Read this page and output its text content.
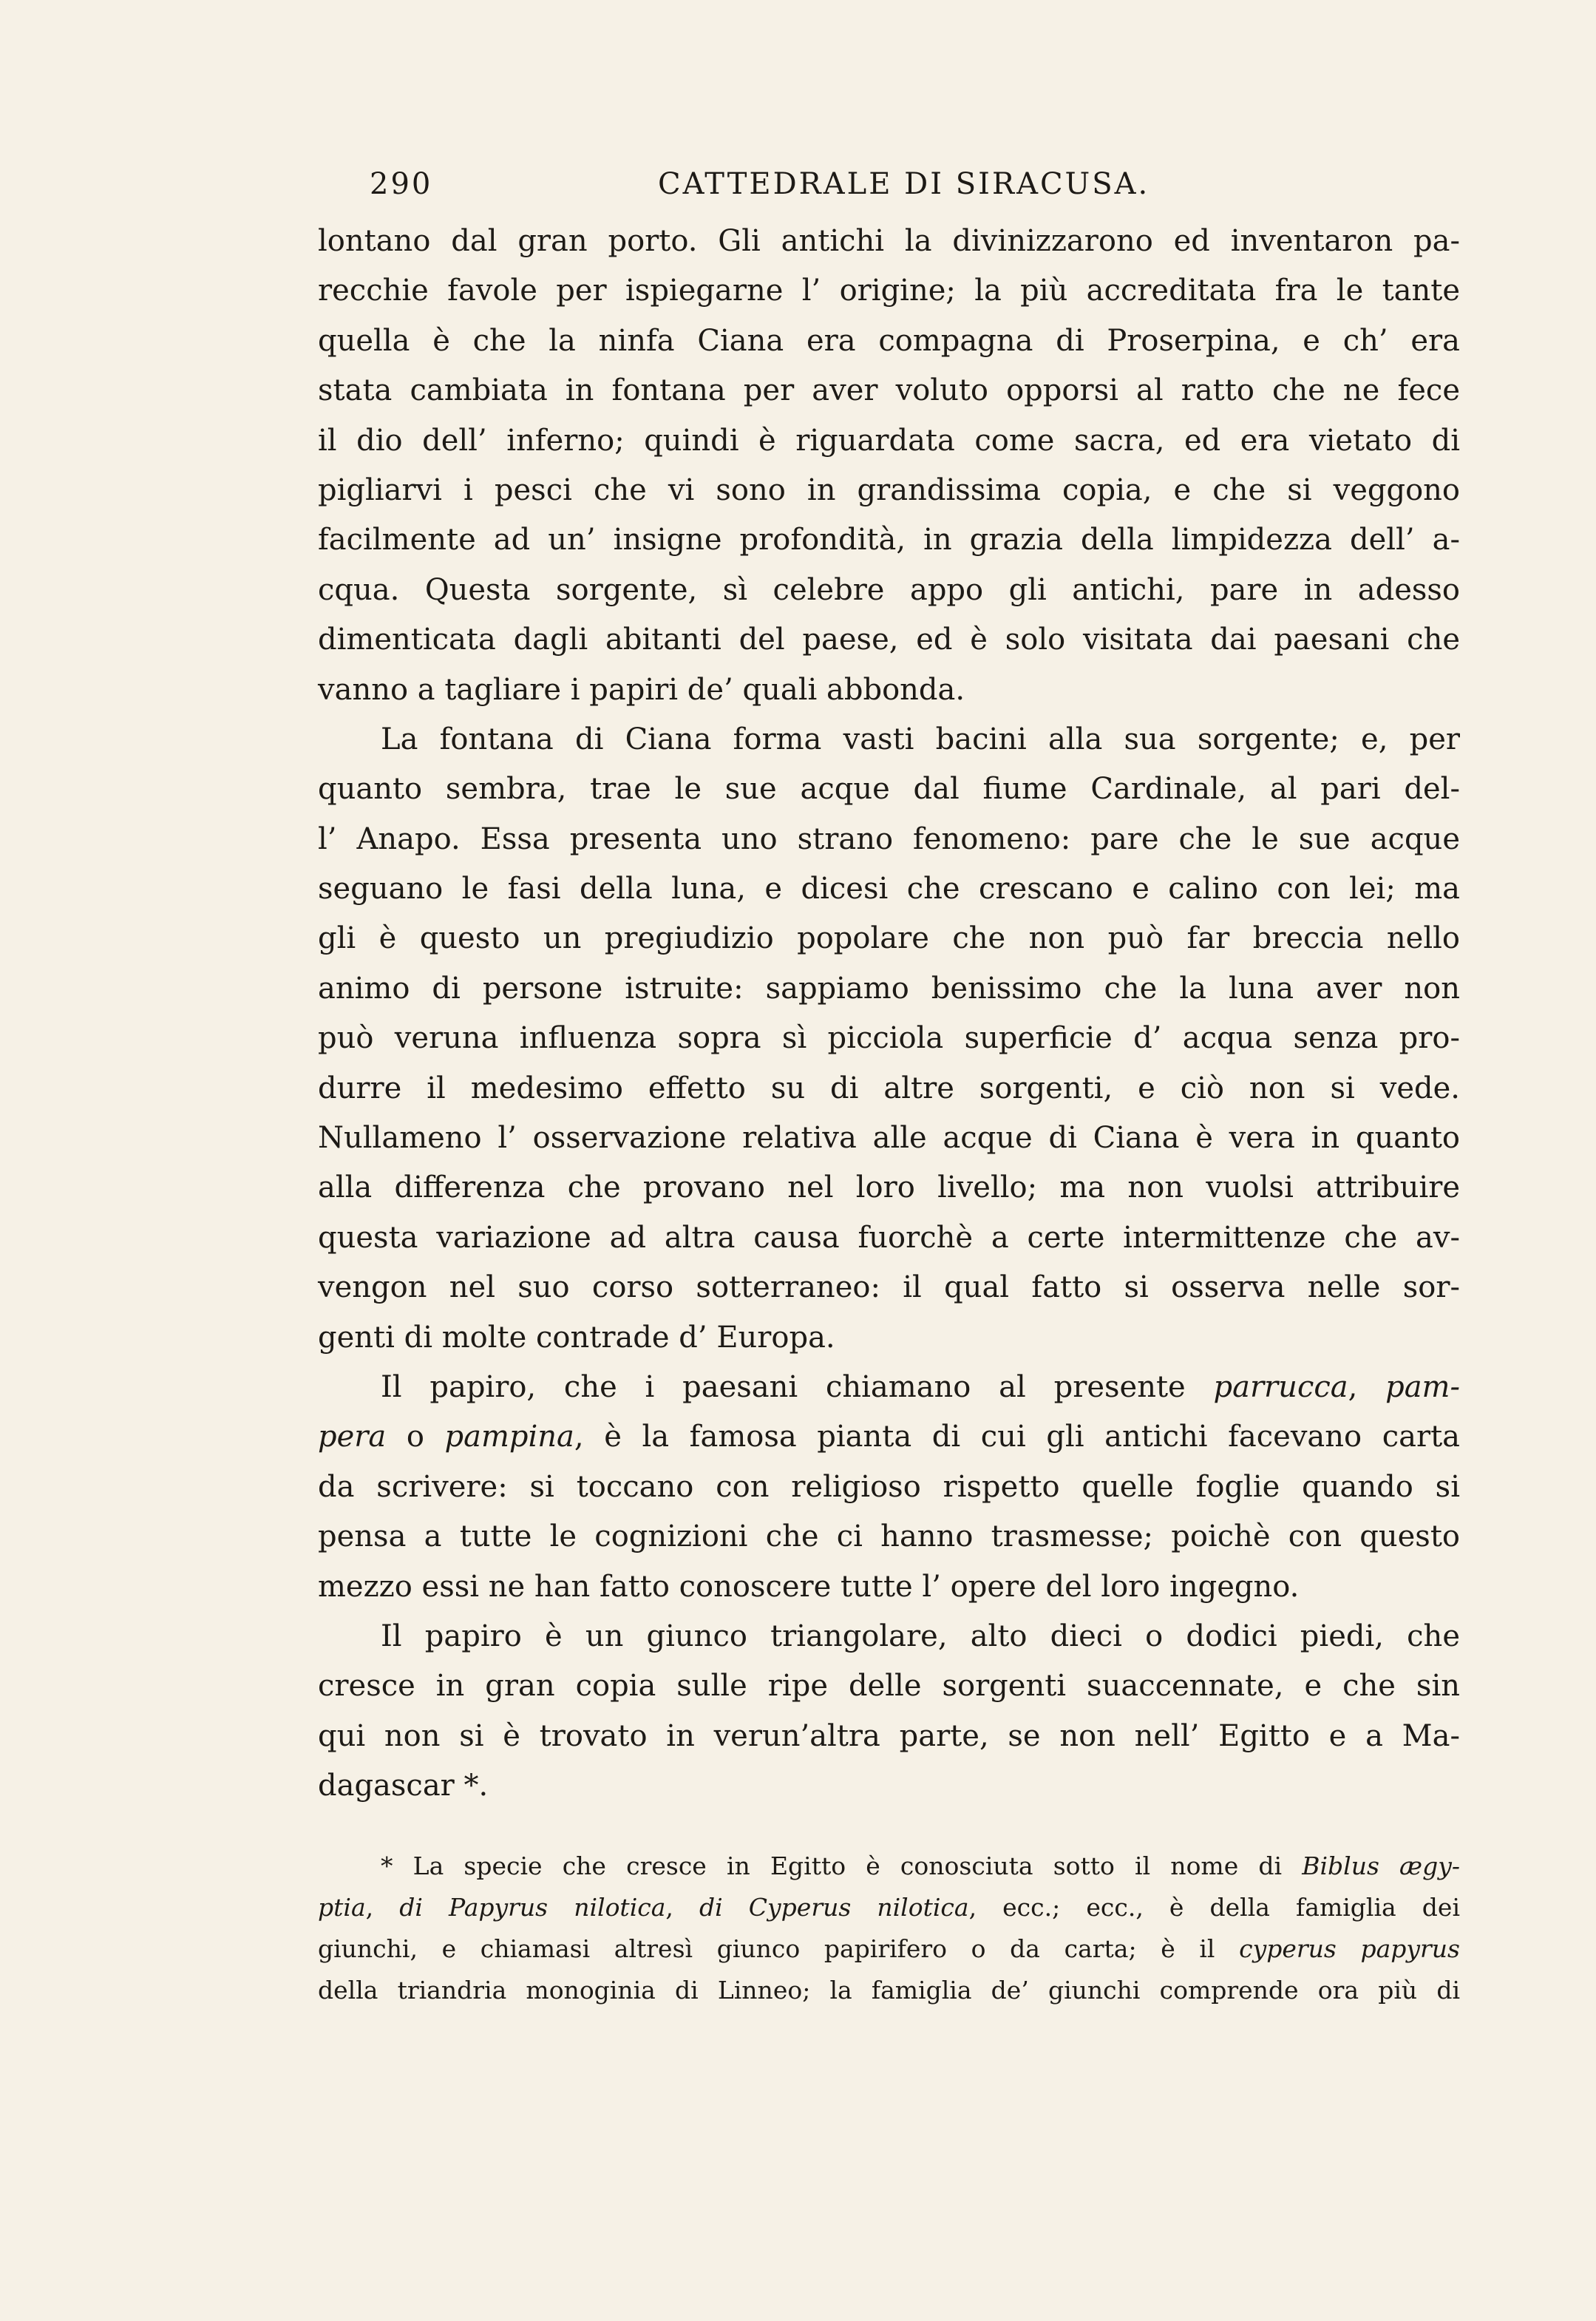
290	CATTEDRALE DI SIRACUSA.
lontano dal gran porto. Gli antichi la divinizzarono ed inventaron pa-
recchie favole per ispiegarne l’ origine; la più accreditata fra le tante
quella è che la ninfa Ciana era compagna di Proserpina, e ch’ era
stata cambiata in fontana per aver voluto opporsi al ratto che ne fece
il dio dell’ inferno; quindi è riguardata come sacra, ed era vietato di
pigliarvi i pesci che vi sono in grandissima copia, e che si veggono
facilmente ad un’ insigne profondità, in grazia della limpidezza dell’ a-
cqua. Questa sorgente, sì celebre appo gli antichi, pare in adesso
dimenticata dagli abitanti del paese, ed è solo visitata dai paesani che
vanno a tagliare i papiri de’ quali abbonda.
La fontana di Ciana forma vasti bacini alla sua sorgente; e, per
quanto sembra, trae le sue acque dal fiume Cardinale, al pari del-
l’ Anapo. Essa presenta uno strano fenomeno: pare che le sue acque
seguano le fasi della luna, e dicesi che crescano e calino con lei; ma
gli è questo un pregiudizio popolare che non può far breccia nello
animo di persone istruite: sappiamo benissimo che la luna aver non
può veruna influenza sopra sì picciola superficie d’ acqua senza pro-
durre il medesimo effetto su di altre sorgenti, e ciò non si vede.
Nullameno l’ osservazione relativa alle acque di Ciana è vera in quanto
alla differenza che provano nel loro livello; ma non vuolsi attribuire
questa variazione ad altra causa fuorchè a certe intermittenze che av-
vengon nel suo corso sotterraneo: il qual fatto si osserva nelle sor-
genti di molte contrade d’ Europa.
Il papiro, che i paesani chiamano al presente parrucca, pam-
pera o pampina, è la famosa pianta di cui gli antichi facevano carta
da scrivere: si toccano con religioso rispetto quelle foglie quando si
pensa a tutte le cognizioni che ci hanno trasmesse; poichè con questo
mezzo essi ne han fatto conoscere tutte l’ opere del loro ingegno.
Il papiro è un giunco triangolare, alto dieci o dodici piedi, che
cresce in gran copia sulle ripe delle sorgenti suaccennate, e che sin
qui non si è trovato in verun’altra parte, se non nell’ Egitto e a Ma-
dagascar *.
* La specie che cresce in Egitto è conosciuta sotto il nome di Biblus ægy-
ptia, di Papyrus nilotica, di Cyperus nilotica, ecc.; ecc., è della famiglia dei
giunchi, e chiamasi altresì giunco papirifero o da carta; è il cyperus papyrus
della triandria monoginia di Linneo; la famiglia de’ giunchi comprende ora più di
